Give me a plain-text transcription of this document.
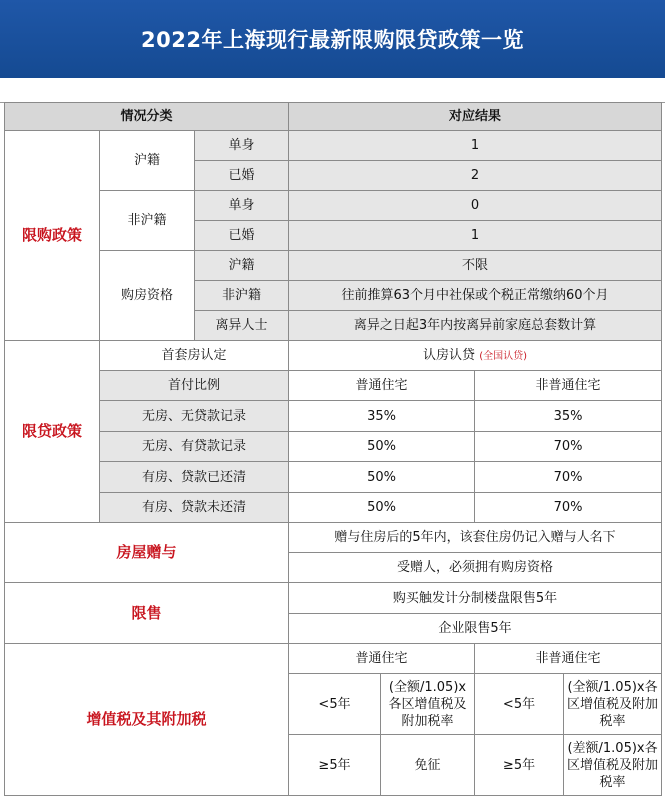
2022年上海现行最新限购限贷政策一览
情况分类			对应结果			
限购政策	沪籍	单身	1			
		已婚	2			
	非沪籍	单身	0			
		已婚	1			
	购房资格	沪籍	不限			
		非沪籍	往前推算63个月中社保或个税正常缴纳60个月			
		离异人士	离异之日起3年内按离异前家庭总套数计算			
限贷政策	首套房认定		认房认贷 (全国认贷)			
	首付比例		普通住宅		非普通住宅	
	无房、无贷款记录		35%		35%	
	无房、有贷款记录		50%		70%	
	有房、贷款已还清		50%		70%	
	有房、贷款未还清		50%		70%	
房屋赠与			赠与住房后的5年内，该套住房仍记入赠与人名下			
			受赠人，必须拥有购房资格			
限售			购买触发计分制楼盘限售5年			
			企业限售5年			
增值税及其附加税			普通住宅		非普通住宅	
			<5年	(全额/1.05)x各区增值税及附加税率	<5年	(全额/1.05)x各区增值税及附加税率
			≥5年	免征	≥5年	(差额/1.05)x各区增值税及附加税率
